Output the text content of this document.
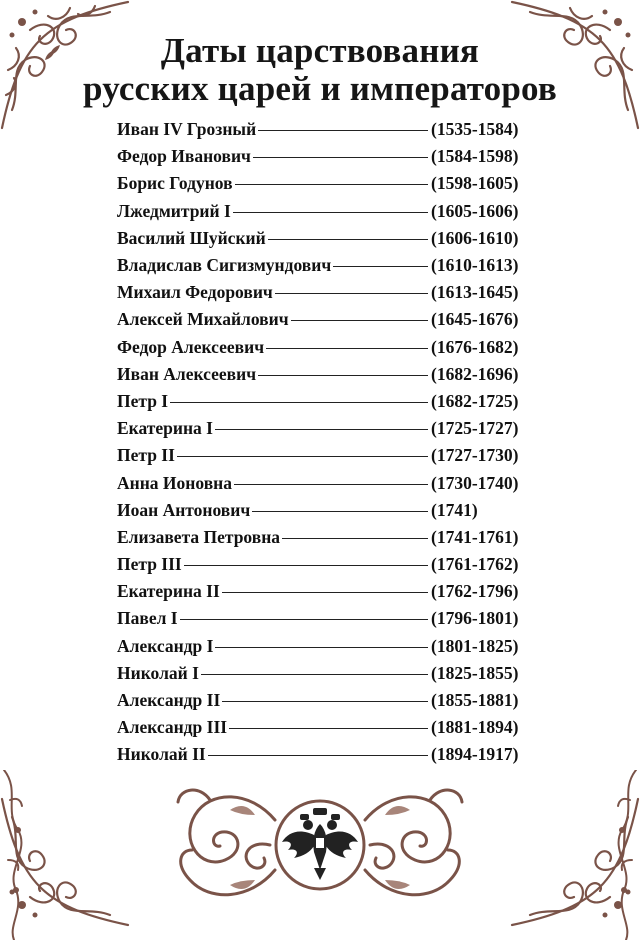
Даты царствования
русских царей и императоров
Иван IV Грозный	(1535-1584)
Федор Иванович	(1584-1598)
Борис Годунов	(1598-1605)
Лжедмитрий I	(1605-1606)
Василий Шуйский	(1606-1610)
Владислав Сигизмундович	(1610-1613)
Михаил Федорович	(1613-1645)
Алексей Михайлович	(1645-1676)
Федор Алексеевич	(1676-1682)
Иван Алексеевич	(1682-1696)
Петр I	(1682-1725)
Екатерина I	(1725-1727)
Петр II	(1727-1730)
Анна Ионовна	(1730-1740)
Иоан Антонович	(1741)
Елизавета Петровна	(1741-1761)
Петр III	(1761-1762)
Екатерина II	(1762-1796)
Павел I	(1796-1801)
Александр I	(1801-1825)
Николай I	(1825-1855)
Александр II	(1855-1881)
Александр III	(1881-1894)
Николай II	(1894-1917)
